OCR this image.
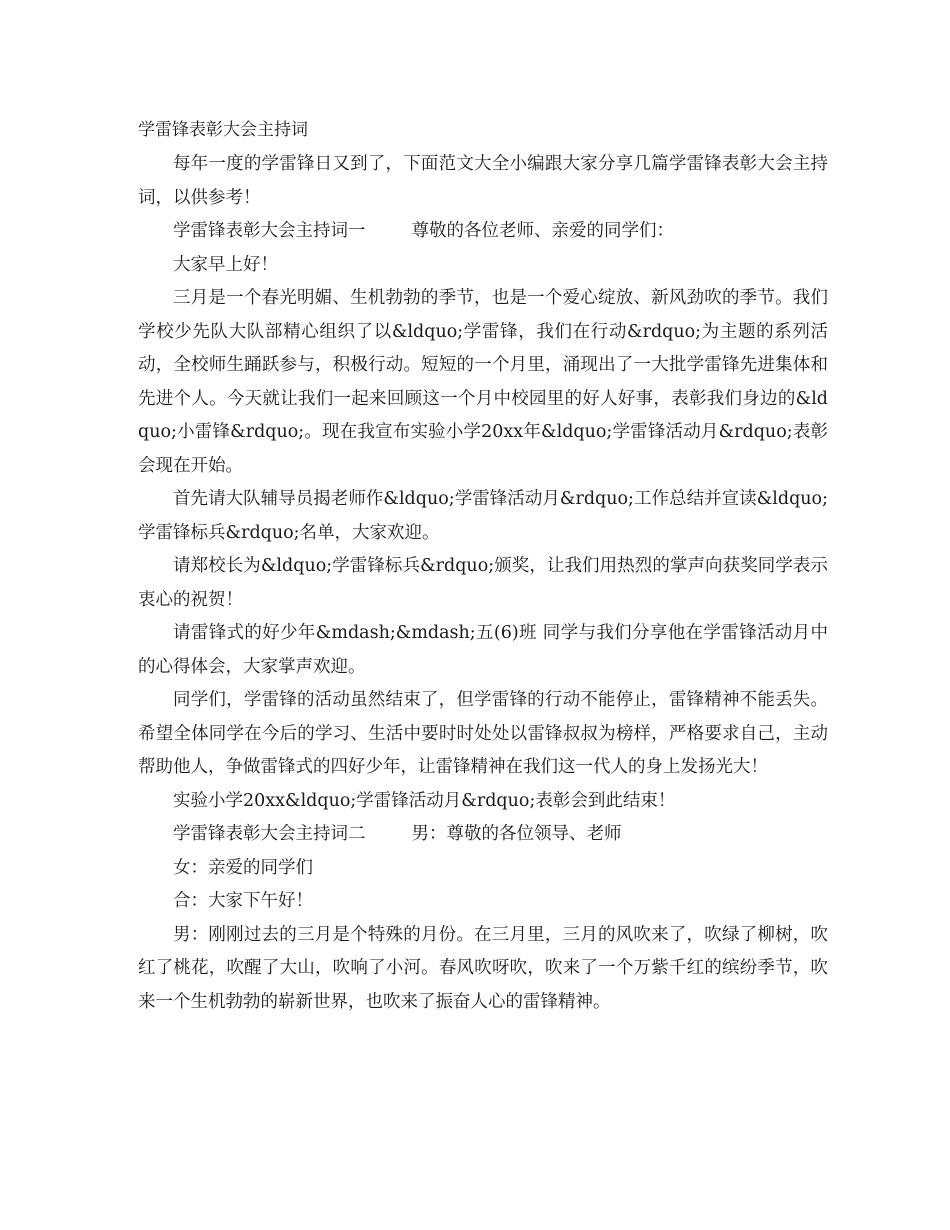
学雷锋表彰大会主持词

每年一度的学雷锋日又到了，下面范文大全小编跟大家分享几篇学雷锋表彰大会主持词，以供参考！

学雷锋表彰大会主持词一	尊敬的各位老师、亲爱的同学们：

大家早上好！

三月是一个春光明媚、生机勃勃的季节，也是一个爱心绽放、新风劲吹的季节。我们学校少先队大队部精心组织了以&ldquo;学雷锋，我们在行动&rdquo;为主题的系列活动，全校师生踊跃参与，积极行动。短短的一个月里，涌现出了一大批学雷锋先进集体和先进个人。今天就让我们一起来回顾这一个月中校园里的好人好事，表彰我们身边的&ldquo;小雷锋&rdquo;。现在我宣布实验小学20xx年&ldquo;学雷锋活动月&rdquo;表彰会现在开始。

首先请大队辅导员揭老师作&ldquo;学雷锋活动月&rdquo;工作总结并宣读&ldquo;学雷锋标兵&rdquo;名单，大家欢迎。

请郑校长为&ldquo;学雷锋标兵&rdquo;颁奖，让我们用热烈的掌声向获奖同学表示衷心的祝贺！

请雷锋式的好少年&mdash;&mdash;五(6)班 同学与我们分享他在学雷锋活动月中的心得体会，大家掌声欢迎。

同学们，学雷锋的活动虽然结束了，但学雷锋的行动不能停止，雷锋精神不能丢失。希望全体同学在今后的学习、生活中要时时处处以雷锋叔叔为榜样，严格要求自己，主动帮助他人，争做雷锋式的四好少年，让雷锋精神在我们这一代人的身上发扬光大！

实验小学20xx&ldquo;学雷锋活动月&rdquo;表彰会到此结束！

学雷锋表彰大会主持词二	男：尊敬的各位领导、老师

女：亲爱的同学们

合：大家下午好！

男：刚刚过去的三月是个特殊的月份。在三月里，三月的风吹来了，吹绿了柳树，吹红了桃花，吹醒了大山，吹响了小河。春风吹呀吹，吹来了一个万紫千红的缤纷季节，吹来一个生机勃勃的崭新世界，也吹来了振奋人心的雷锋精神。
